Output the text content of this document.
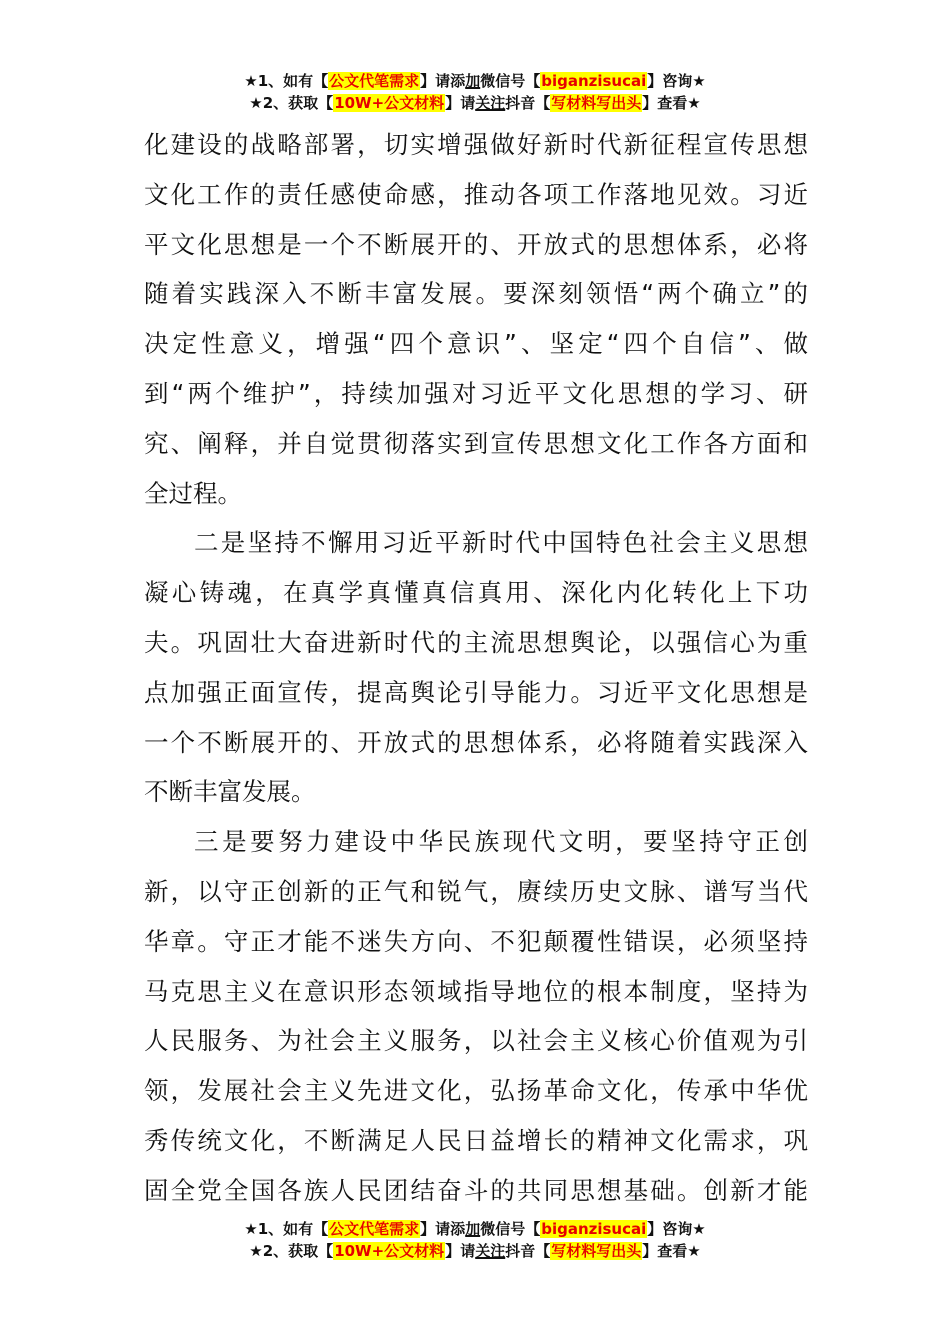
★1、如有【公文代笔需求】请添加微信号【biganzisucai】咨询★
★2、获取【10W+公文材料】请关注抖音【写材料写出头】查看★
化建设的战略部署，切实增强做好新时代新征程宣传思想
文化工作的责任感使命感，推动各项工作落地见效。习近
平文化思想是一个不断展开的、开放式的思想体系，必将
随着实践深入不断丰富发展。要深刻领悟“两个确立”的
决定性意义，增强“四个意识”、坚定“四个自信”、做
到“两个维护”，持续加强对习近平文化思想的学习、研
究、阐释，并自觉贯彻落实到宣传思想文化工作各方面和
全过程。
二是坚持不懈用习近平新时代中国特色社会主义思想
凝心铸魂，在真学真懂真信真用、深化内化转化上下功
夫。巩固壮大奋进新时代的主流思想舆论，以强信心为重
点加强正面宣传，提高舆论引导能力。习近平文化思想是
一个不断展开的、开放式的思想体系，必将随着实践深入
不断丰富发展。
三是要努力建设中华民族现代文明，要坚持守正创
新，以守正创新的正气和锐气，赓续历史文脉、谱写当代
华章。守正才能不迷失方向、不犯颠覆性错误，必须坚持
马克思主义在意识形态领域指导地位的根本制度，坚持为
人民服务、为社会主义服务，以社会主义核心价值观为引
领，发展社会主义先进文化，弘扬革命文化，传承中华优
秀传统文化，不断满足人民日益增长的精神文化需求，巩
固全党全国各族人民团结奋斗的共同思想基础。创新才能
★1、如有【公文代笔需求】请添加微信号【biganzisucai】咨询★
★2、获取【10W+公文材料】请关注抖音【写材料写出头】查看★
